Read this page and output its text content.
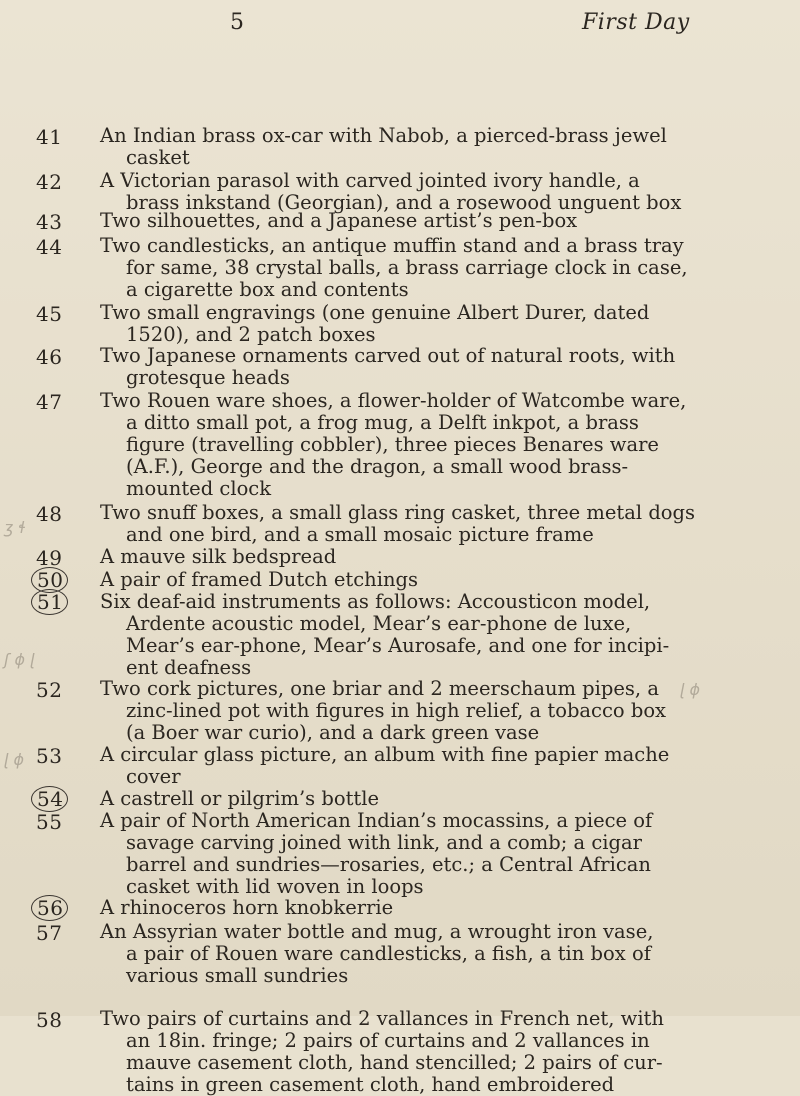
5	First Day
41	An Indian brass ox-car with Nabob, a pierced-brass jewel
casket
42	A Victorian parasol with carved jointed ivory handle, a
brass inkstand (Georgian), and a rosewood unguent box
43	Two silhouettes, and a Japanese artist’s pen-box
44	Two candlesticks, an antique muffin stand and a brass tray
for same, 38 crystal balls, a brass carriage clock in case,
a cigarette box and contents
45	Two small engravings (one genuine Albert Durer, dated
1520), and 2 patch boxes
46	Two Japanese ornaments carved out of natural roots, with
grotesque heads
47	Two Rouen ware shoes, a flower-holder of Watcombe ware,
a ditto small pot, a frog mug, a Delft inkpot, a brass
figure (travelling cobbler), three pieces Benares ware
(A.F.), George and the dragon, a small wood brass-
mounted clock
48	Two snuff boxes, a small glass ring casket, three metal dogs
and one bird, and a small mosaic picture frame
49	A mauve silk bedspread
50 A pair of framed Dutch etchings
51 Six deaf-aid instruments as follows: Accousticon model,
Ardente acoustic model, Mear’s ear-phone de luxe,
Mear’s ear-phone, Mear’s Aurosafe, and one for incipi-
ent deafness
52	Two cork pictures, one briar and 2 meerschaum pipes, a
zinc-lined pot with figures in high relief, a tobacco box
(a Boer war curio), and a dark green vase
53	A circular glass picture, an album with fine papier mache
cover
54 A castrell or pilgrim’s bottle
55	A pair of North American Indian’s mocassins, a piece of
savage carving joined with link, and a comb; a cigar
barrel and sundries—rosaries, etc.; a Central African
casket with lid woven in loops
56 A rhinoceros horn knobkerrie
57	An Assyrian water bottle and mug, a wrought iron vase,
a pair of Rouen ware candlesticks, a fish, a tin box of
various small sundries
58	Two pairs of curtains and 2 vallances in French net, with
an 18in. fringe; 2 pairs of curtains and 2 vallances in
mauve casement cloth, hand stencilled; 2 pairs of cur-
tains in green casement cloth, hand embroidered
ʒ ɬ
ʃ ɸ ɭ
ɭ ɸ
ɭ ɸ
